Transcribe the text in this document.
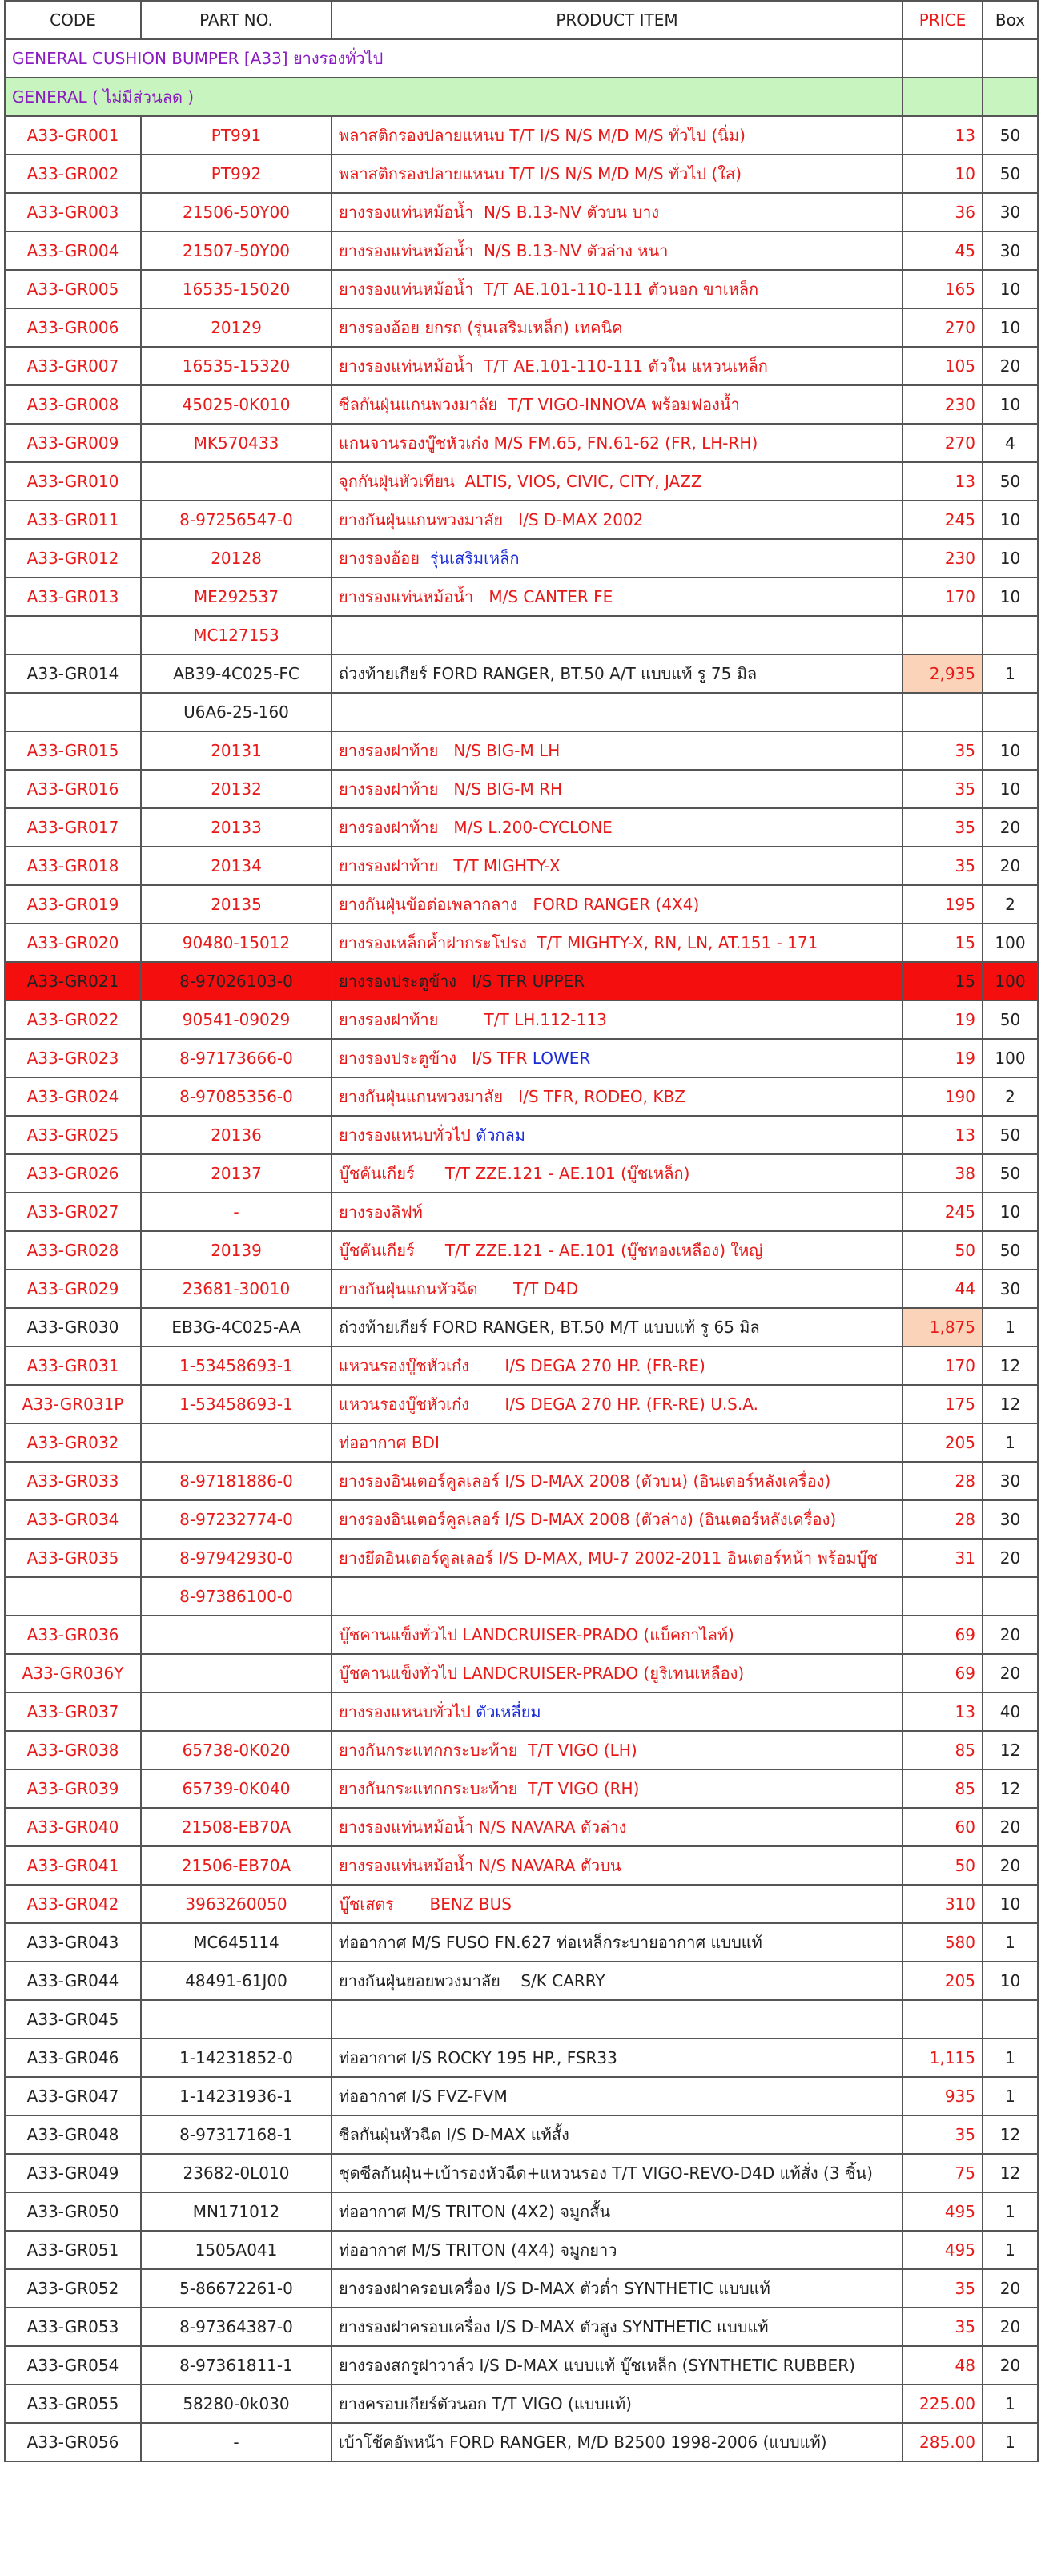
CODE	PART NO.	PRODUCT ITEM	PRICE	Box
GENERAL CUSHION BUMPER [A33] ยางรองทั่วไป				
GENERAL ( ไม่มีส่วนลด )				
A33-GR001	PT991	พลาสติกรองปลายแหนบ T/T I/S N/S M/D M/S ทั่วไป (นิ่ม)	13	50
A33-GR002	PT992	พลาสติกรองปลายแหนบ T/T I/S N/S M/D M/S ทั่วไป (ใส)	10	50
A33-GR003	21506-50Y00	ยางรองแท่นหม้อน้ำ  N/S B.13-NV ตัวบน บาง	36	30
A33-GR004	21507-50Y00	ยางรองแท่นหม้อน้ำ  N/S B.13-NV ตัวล่าง หนา	45	30
A33-GR005	16535-15020	ยางรองแท่นหม้อน้ำ  T/T AE.101-110-111 ตัวนอก ขาเหล็ก	165	10
A33-GR006	20129	ยางรองอ้อย ยกรถ (รุ่นเสริมเหล็ก) เทคนิค	270	10
A33-GR007	16535-15320	ยางรองแท่นหม้อน้ำ  T/T AE.101-110-111 ตัวใน แหวนเหล็ก	105	20
A33-GR008	45025-0K010	ซีลกันฝุ่นแกนพวงมาลัย  T/T VIGO-INNOVA พร้อมฟองน้ำ	230	10
A33-GR009	MK570433	แกนจานรองบู๊ชหัวเก๋ง M/S FM.65, FN.61-62 (FR, LH-RH)	270	4
A33-GR010		จุกกันฝุ่นหัวเทียน  ALTIS, VIOS, CIVIC, CITY, JAZZ	13	50
A33-GR011	8-97256547-0	ยางกันฝุ่นแกนพวงมาลัย   I/S D-MAX 2002	245	10
A33-GR012	20128	ยางรองอ้อย  รุ่นเสริมเหล็ก	230	10
A33-GR013	ME292537	ยางรองแท่นหม้อน้ำ   M/S CANTER FE	170	10
	MC127153			
A33-GR014	AB39-4C025-FC	ถ่วงท้ายเกียร์ FORD RANGER, BT.50 A/T แบบแท้ รู 75 มิล	2,935	1
	U6A6-25-160			
A33-GR015	20131	ยางรองฝาท้าย   N/S BIG-M LH	35	10
A33-GR016	20132	ยางรองฝาท้าย   N/S BIG-M RH	35	10
A33-GR017	20133	ยางรองฝาท้าย   M/S L.200-CYCLONE	35	20
A33-GR018	20134	ยางรองฝาท้าย   T/T MIGHTY-X	35	20
A33-GR019	20135	ยางกันฝุ่นข้อต่อเพลากลาง   FORD RANGER (4X4)	195	2
A33-GR020	90480-15012	ยางรองเหล็กค้ำฝากระโปรง  T/T MIGHTY-X, RN, LN, AT.151 - 171	15	100
A33-GR021	8-97026103-0	ยางรองประตูข้าง   I/S TFR UPPER	15	100
A33-GR022	90541-09029	ยางรองฝาท้าย         T/T LH.112-113	19	50
A33-GR023	8-97173666-0	ยางรองประตูข้าง   I/S TFR LOWER	19	100
A33-GR024	8-97085356-0	ยางกันฝุ่นแกนพวงมาลัย   I/S TFR, RODEO, KBZ	190	2
A33-GR025	20136	ยางรองแหนบทั่วไป ตัวกลม	13	50
A33-GR026	20137	บู๊ชคันเกียร์      T/T ZZE.121 - AE.101 (บู๊ชเหล็ก)	38	50
A33-GR027	-	ยางรองลิฟท์	245	10
A33-GR028	20139	บู๊ชคันเกียร์      T/T ZZE.121 - AE.101 (บู๊ชทองเหลือง) ใหญ่	50	50
A33-GR029	23681-30010	ยางกันฝุ่นแกนหัวฉีด       T/T D4D	44	30
A33-GR030	EB3G-4C025-AA	ถ่วงท้ายเกียร์ FORD RANGER, BT.50 M/T แบบแท้ รู 65 มิล	1,875	1
A33-GR031	1-53458693-1	แหวนรองบู๊ชหัวเก๋ง       I/S DEGA 270 HP. (FR-RE)	170	12
A33-GR031P	1-53458693-1	แหวนรองบู๊ชหัวเก๋ง       I/S DEGA 270 HP. (FR-RE) U.S.A.	175	12
A33-GR032		ท่ออากาศ BDI	205	1
A33-GR033	8-97181886-0	ยางรองอินเตอร์คูลเลอร์ I/S D-MAX 2008 (ตัวบน) (อินเตอร์หลังเครื่อง)	28	30
A33-GR034	8-97232774-0	ยางรองอินเตอร์คูลเลอร์ I/S D-MAX 2008 (ตัวล่าง) (อินเตอร์หลังเครื่อง)	28	30
A33-GR035	8-97942930-0	ยางยึดอินเตอร์คูลเลอร์ I/S D-MAX, MU-7 2002-2011 อินเตอร์หน้า พร้อมบู๊ช	31	20
	8-97386100-0			
A33-GR036		บู๊ชคานแข็งทั่วไป LANDCRUISER-PRADO (แบ็คกาไลท์)	69	20
A33-GR036Y		บู๊ชคานแข็งทั่วไป LANDCRUISER-PRADO (ยูริเทนเหลือง)	69	20
A33-GR037		ยางรองแหนบทั่วไป ตัวเหลี่ยม	13	40
A33-GR038	65738-0K020	ยางกันกระแทกกระบะท้าย  T/T VIGO (LH)	85	12
A33-GR039	65739-0K040	ยางกันกระแทกกระบะท้าย  T/T VIGO (RH)	85	12
A33-GR040	21508-EB70A	ยางรองแท่นหม้อน้ำ N/S NAVARA ตัวล่าง	60	20
A33-GR041	21506-EB70A	ยางรองแท่นหม้อน้ำ N/S NAVARA ตัวบน	50	20
A33-GR042	3963260050	บู๊ชเสตร       BENZ BUS	310	10
A33-GR043	MC645114	ท่ออากาศ M/S FUSO FN.627 ท่อเหล็กระบายอากาศ แบบแท้	580	1
A33-GR044	48491-61J00	ยางกันฝุ่นยอยพวงมาลัย    S/K CARRY	205	10
A33-GR045				
A33-GR046	1-14231852-0	ท่ออากาศ I/S ROCKY 195 HP., FSR33	1,115	1
A33-GR047	1-14231936-1	ท่ออากาศ I/S FVZ-FVM	935	1
A33-GR048	8-97317168-1	ซีลกันฝุ่นหัวฉีด I/S D-MAX แท้สั้ง	35	12
A33-GR049	23682-0L010	ชุดซีลกันฝุ่น+เบ้ารองหัวฉีด+แหวนรอง T/T VIGO-REVO-D4D แท้สั่ง (3 ชิ้น)	75	12
A33-GR050	MN171012	ท่ออากาศ M/S TRITON (4X2) จมูกสั้น	495	1
A33-GR051	1505A041	ท่ออากาศ M/S TRITON (4X4) จมูกยาว	495	1
A33-GR052	5-86672261-0	ยางรองฝาครอบเครื่อง I/S D-MAX ตัวต่ำ SYNTHETIC แบบแท้	35	20
A33-GR053	8-97364387-0	ยางรองฝาครอบเครื่อง I/S D-MAX ตัวสูง SYNTHETIC แบบแท้	35	20
A33-GR054	8-97361811-1	ยางรองสกรูฝาวาล์ว I/S D-MAX แบบแท้ บู๊ชเหล็ก (SYNTHETIC RUBBER)	48	20
A33-GR055	58280-0k030	ยางครอบเกียร์ตัวนอก T/T VIGO (แบบแท้)	225.00	1
A33-GR056	-	เบ้าโช้คอัพหน้า FORD RANGER, M/D B2500 1998-2006 (แบบแท้)	285.00	1
